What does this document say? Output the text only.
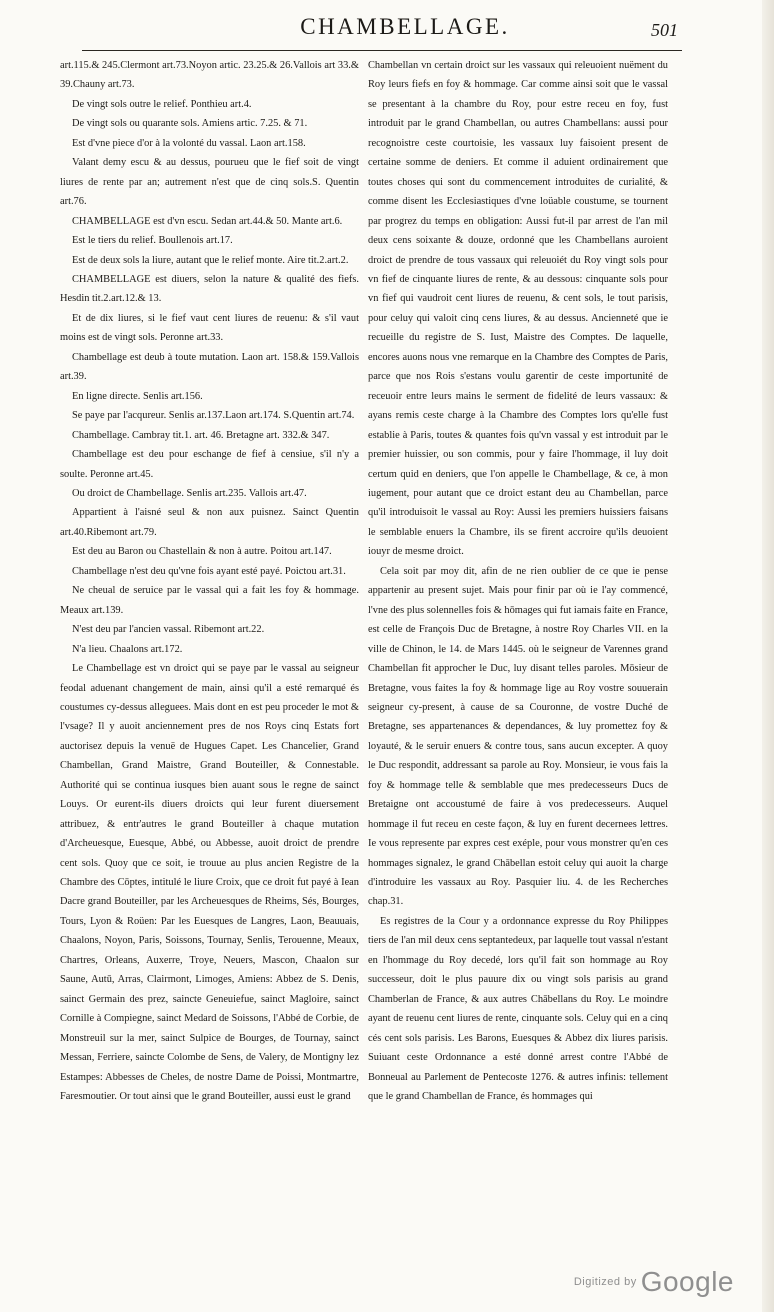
CHAMBELLAGE.	501

art.115.& 245.Clermont art.73.Noyon artic. 23.25.& 26.Vallois art 33.& 39.Chauny art.73.

De vingt sols outre le relief. Ponthieu art.4.

De vingt sols ou quarante sols. Amiens artic. 7.25. & 71.

Est d'vne piece d'or à la volonté du vassal. Laon art.158.

Valant demy escu & au dessus, pourueu que le fief soit de vingt liures de rente par an; autrement n'est que de cinq sols.S. Quentin art.76.

CHAMBELLAGE est d'vn escu. Sedan art.44.& 50. Mante art.6.

Est le tiers du relief. Boullenois art.17.

Est de deux sols la liure, autant que le relief monte. Aire tit.2.art.2.

CHAMBELLAGE est diuers, selon la nature & qualité des fiefs. Hesdin tit.2.art.12.& 13.

Et de dix liures, si le fief vaut cent liures de reuenu: & s'il vaut moins est de vingt sols. Peronne art.33.

Chambellage est deub à toute mutation. Laon art. 158.& 159.Vallois art.39.

En ligne directe. Senlis art.156.

Se paye par l'acqureur. Senlis ar.137.Laon art.174. S.Quentin art.74.

Chambellage. Cambray tit.1. art. 46. Bretagne art. 332.& 347.

Chambellage est deu pour eschange de fief à censiue, s'il n'y a soulte. Peronne art.45.

Ou droict de Chambellage. Senlis art.235. Vallois art.47.

Appartient à l'aisné seul & non aux puisnez. Sainct Quentin art.40.Ribemont art.79.

Est deu au Baron ou Chastellain & non à autre. Poitou art.147.

Chambellage n'est deu qu'vne fois ayant esté payé. Poictou art.31.

Ne cheual de seruice par le vassal qui a fait les foy & hommage. Meaux art.139.

N'est deu par l'ancien vassal. Ribemont art.22.

N'a lieu. Chaalons art.172.

Le Chambellage est vn droict qui se paye par le vassal au seigneur feodal aduenant changement de main, ainsi qu'il a esté remarqué és coustumes cy-dessus alleguees. Mais dont en est peu proceder le mot & l'vsage? Il y auoit anciennement pres de nos Roys cinq Estats fort auctorisez depuis la venuë de Hugues Capet. Les Chancelier, Grand Chambellan, Grand Maistre, Grand Bouteiller, & Connestable. Authorité qui se continua iusques bien auant sous le regne de sainct Louys. Or eurent-ils diuers droicts qui leur furent diuersement attribuez, & entr'autres le grand Bouteiller à chaque mutation d'Archeuesque, Euesque, Abbé, ou Abbesse, auoit droict de prendre cent sols. Quoy que ce soit, ie trouue au plus ancien Registre de la Chambre des Cōptes, intitulé le liure Croix, que ce droit fut payé à Iean Dacre grand Bouteiller, par les Archeuesques de Rheims, Sés, Bourges, Tours, Lyon & Roüen: Par les Euesques de Langres, Laon, Beauuais, Chaalons, Noyon, Paris, Soissons, Tournay, Senlis, Terouenne, Meaux, Chartres, Orleans, Auxerre, Troye, Neuers, Mascon, Chaalon sur Saune, Autū, Arras, Clairmont, Limoges, Amiens: Abbez de S. Denis, sainct Germain des prez, saincte Geneuiefue, sainct Magloire, sainct Cornille à Compiegne, sainct Medard de Soissons, l'Abbé de Corbie, de Monstreuil sur la mer, sainct Sulpice de Bourges, de Tournay, sainct Messan, Ferriere, saincte Colombe de Sens, de Valery, de Montigny lez Estampes: Abbesses de Cheles, de nostre Dame de Poissi, Montmartre, Faresmoutier. Or tout ainsi que le grand Bouteiller, aussi eust le grand

Chambellan vn certain droict sur les vassaux qui releuoient nuëment du Roy leurs fiefs en foy & hommage. Car comme ainsi soit que le vassal se presentant à la chambre du Roy, pour estre receu en foy, fust introduit par le grand Chambellan, ou autres Chambellans: aussi pour recognoistre ceste courtoisie, les vassaux luy faisoient present de certaine somme de deniers. Et comme il aduient ordinairement que toutes choses qui sont du commencement introduites de curialité, & comme disent les Ecclesiastiques d'vne loüable coustume, se tournent par progrez du temps en obligation: Aussi fut-il par arrest de l'an mil deux cens soixante & douze, ordonné que les Chambellans auroient droict de prendre de tous vassaux qui releuoiét du Roy vingt sols pour vn fief de cinquante liures de rente, & au dessous: cinquante sols pour vn fief qui vaudroit cent liures de reuenu, & cent sols, le tout parisis, pour celuy qui valoit cinq cens liures, & au dessus. Ancienneté que ie recueille du registre de S. Iust, Maistre des Comptes. De laquelle, encores auons nous vne remarque en la Chambre des Comptes de Paris, parce que nos Rois s'estans voulu garentir de ceste importunité de receuoir entre leurs mains le serment de fidelité de leurs vassaux: & ayans remis ceste charge à la Chambre des Comptes lors qu'elle fust establie à Paris, toutes & quantes fois qu'vn vassal y est introduit par le premier huissier, ou son commis, pour y faire l'hommage, il luy doit certum quid en deniers, que l'on appelle le Chambellage, & ce, à mon iugement, pour autant que ce droict estant deu au Chambellan, parce qu'il introduisoit le vassal au Roy: Aussi les premiers huissiers faisans le semblable enuers la Chambre, ils se firent accroire qu'ils deuoient iouyr de mesme droict.

Cela soit par moy dit, afin de ne rien oublier de ce que ie pense appartenir au present sujet. Mais pour finir par où ie l'ay commencé, l'vne des plus solennelles fois & hōmages qui fut iamais faite en France, est celle de François Duc de Bretagne, à nostre Roy Charles VII. en la ville de Chinon, le 14. de Mars 1445. où le seigneur de Varennes grand Chambellan fit approcher le Duc, luy disant telles paroles. Mōsieur de Bretagne, vous faites la foy & hommage lige au Roy vostre souuerain seigneur cy-present, à cause de sa Couronne, de vostre Duché de Bretagne, ses appartenances & dependances, & luy promettez foy & loyauté, & le seruir enuers & contre tous, sans aucun excepter. A quoy le Duc respondit, addressant sa parole au Roy. Monsieur, ie vous fais la foy & hommage telle & semblable que mes predecesseurs Ducs de Bretaigne ont accoustumé de faire à vos predecesseurs. Auquel hommage il fut receu en ceste façon, & luy en furent decernees lettres. Ie vous represente par expres cest exéple, pour vous monstrer qu'en ces hommages signalez, le grand Chābellan estoit celuy qui auoit la charge d'introduire les vassaux au Roy. Pasquier liu. 4. de les Recherches chap.31.

Es registres de la Cour y a ordonnance expresse du Roy Philippes tiers de l'an mil deux cens septantedeux, par laquelle tout vassal n'estant en l'hommage du Roy decedé, lors qu'il fait son hommage au Roy successeur, doit le plus pauure dix ou vingt sols parisis au grand Chamberlan de France, & aux autres Chābellans du Roy. Le moindre ayant de reuenu cent liures de rente, cinquante sols. Celuy qui en a cinq cés cent sols parisis. Les Barons, Euesques & Abbez dix liures parisis. Suiuant ceste Ordonnance a esté donné arrest contre l'Abbé de Bonneual au Parlement de Pentecoste 1276. & autres infinis: tellement que le grand Chambellan de France, és hommages qui

Digitized by Google
